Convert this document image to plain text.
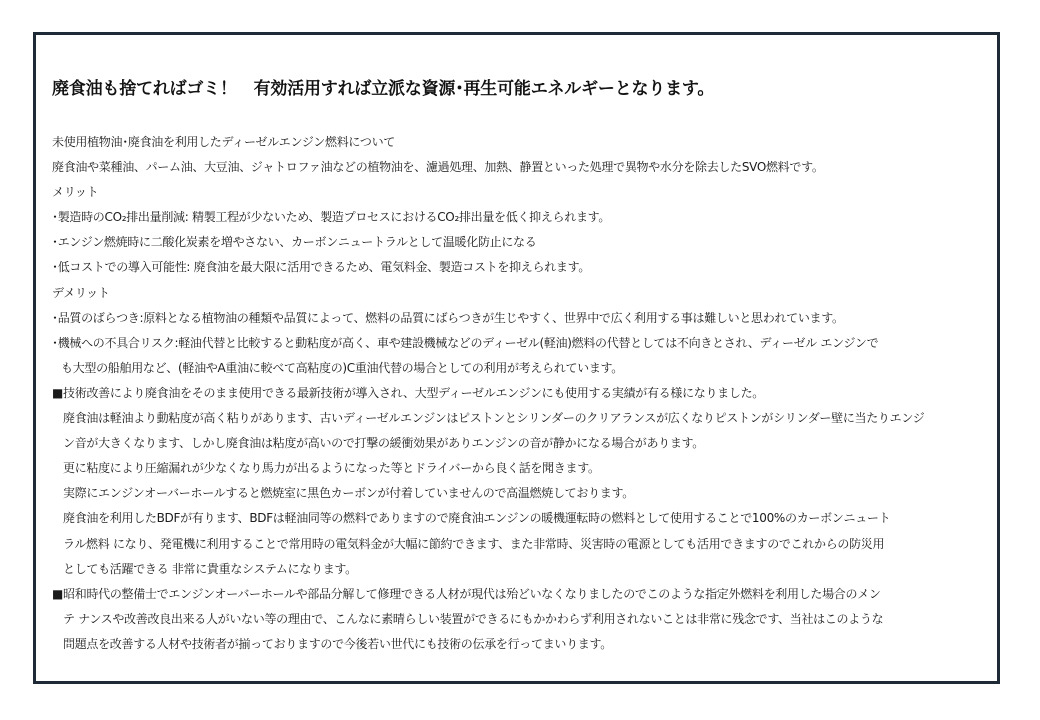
廃食油も捨てればゴミ！　有効活用すれば立派な資源･再生可能エネルギーとなります。
未使用植物油･廃食油を利用したディーゼルエンジン燃料について
廃食油や菜種油、パーム油、大豆油、ジャトロファ油などの植物油を、濾過処理、加熱、静置といった処理で異物や水分を除去したSVO燃料です。
メリット
･製造時のCO₂排出量削減: 精製工程が少ないため、製造プロセスにおけるCO₂排出量を低く抑えられます。
･エンジン燃焼時に二酸化炭素を増やさない、カーボンニュートラルとして温暖化防止になる
･低コストでの導入可能性: 廃食油を最大限に活用できるため、電気料金、製造コストを抑えられます。
デメリット
･品質のばらつき:原料となる植物油の種類や品質によって、燃料の品質にばらつきが生じやすく、世界中で広く利用する事は難しいと思われています。
･機械への不具合リスク:軽油代替と比較すると動粘度が高く、車や建設機械などのディーゼル(軽油)燃料の代替としては不向きとされ、ディーゼル エンジンで
も大型の船舶用など、(軽油やA重油に較べて高粘度の)C重油代替の場合としての利用が考えられています。
■技術改善により廃食油をそのまま使用できる最新技術が導入され、大型ディーゼルエンジンにも使用する実績が有る様になりました。
廃食油は軽油より動粘度が高く粘りがあります、古いディーゼルエンジンはピストンとシリンダーのクリアランスが広くなりピストンがシリンダー壁に当たりエンジ
ン音が大きくなります、しかし廃食油は粘度が高いので打撃の緩衝効果がありエンジンの音が静かになる場合があります。
更に粘度により圧縮漏れが少なくなり馬力が出るようになった等とドライバーから良く話を聞きます。
実際にエンジンオーバーホールすると燃焼室に黒色カーボンが付着していませんので高温燃焼しております。
廃食油を利用したBDFが有ります、BDFは軽油同等の燃料でありますので廃食油エンジンの暖機運転時の燃料として使用することで100%のカーボンニュート
ラル燃料 になり、発電機に利用することで常用時の電気料金が大幅に節約できます、また非常時、災害時の電源としても活用できますのでこれからの防災用
としても活躍できる 非常に貴重なシステムになります。
■昭和時代の整備士でエンジンオーバーホールや部品分解して修理できる人材が現代は殆どいなくなりましたのでこのような指定外燃料を利用した場合のメン
テ ナンスや改善改良出来る人がいない等の理由で、こんなに素晴らしい装置ができるにもかかわらず利用されないことは非常に残念です、当社はこのような
問題点を改善する人材や技術者が揃っておりますので今後若い世代にも技術の伝承を行ってまいります。
